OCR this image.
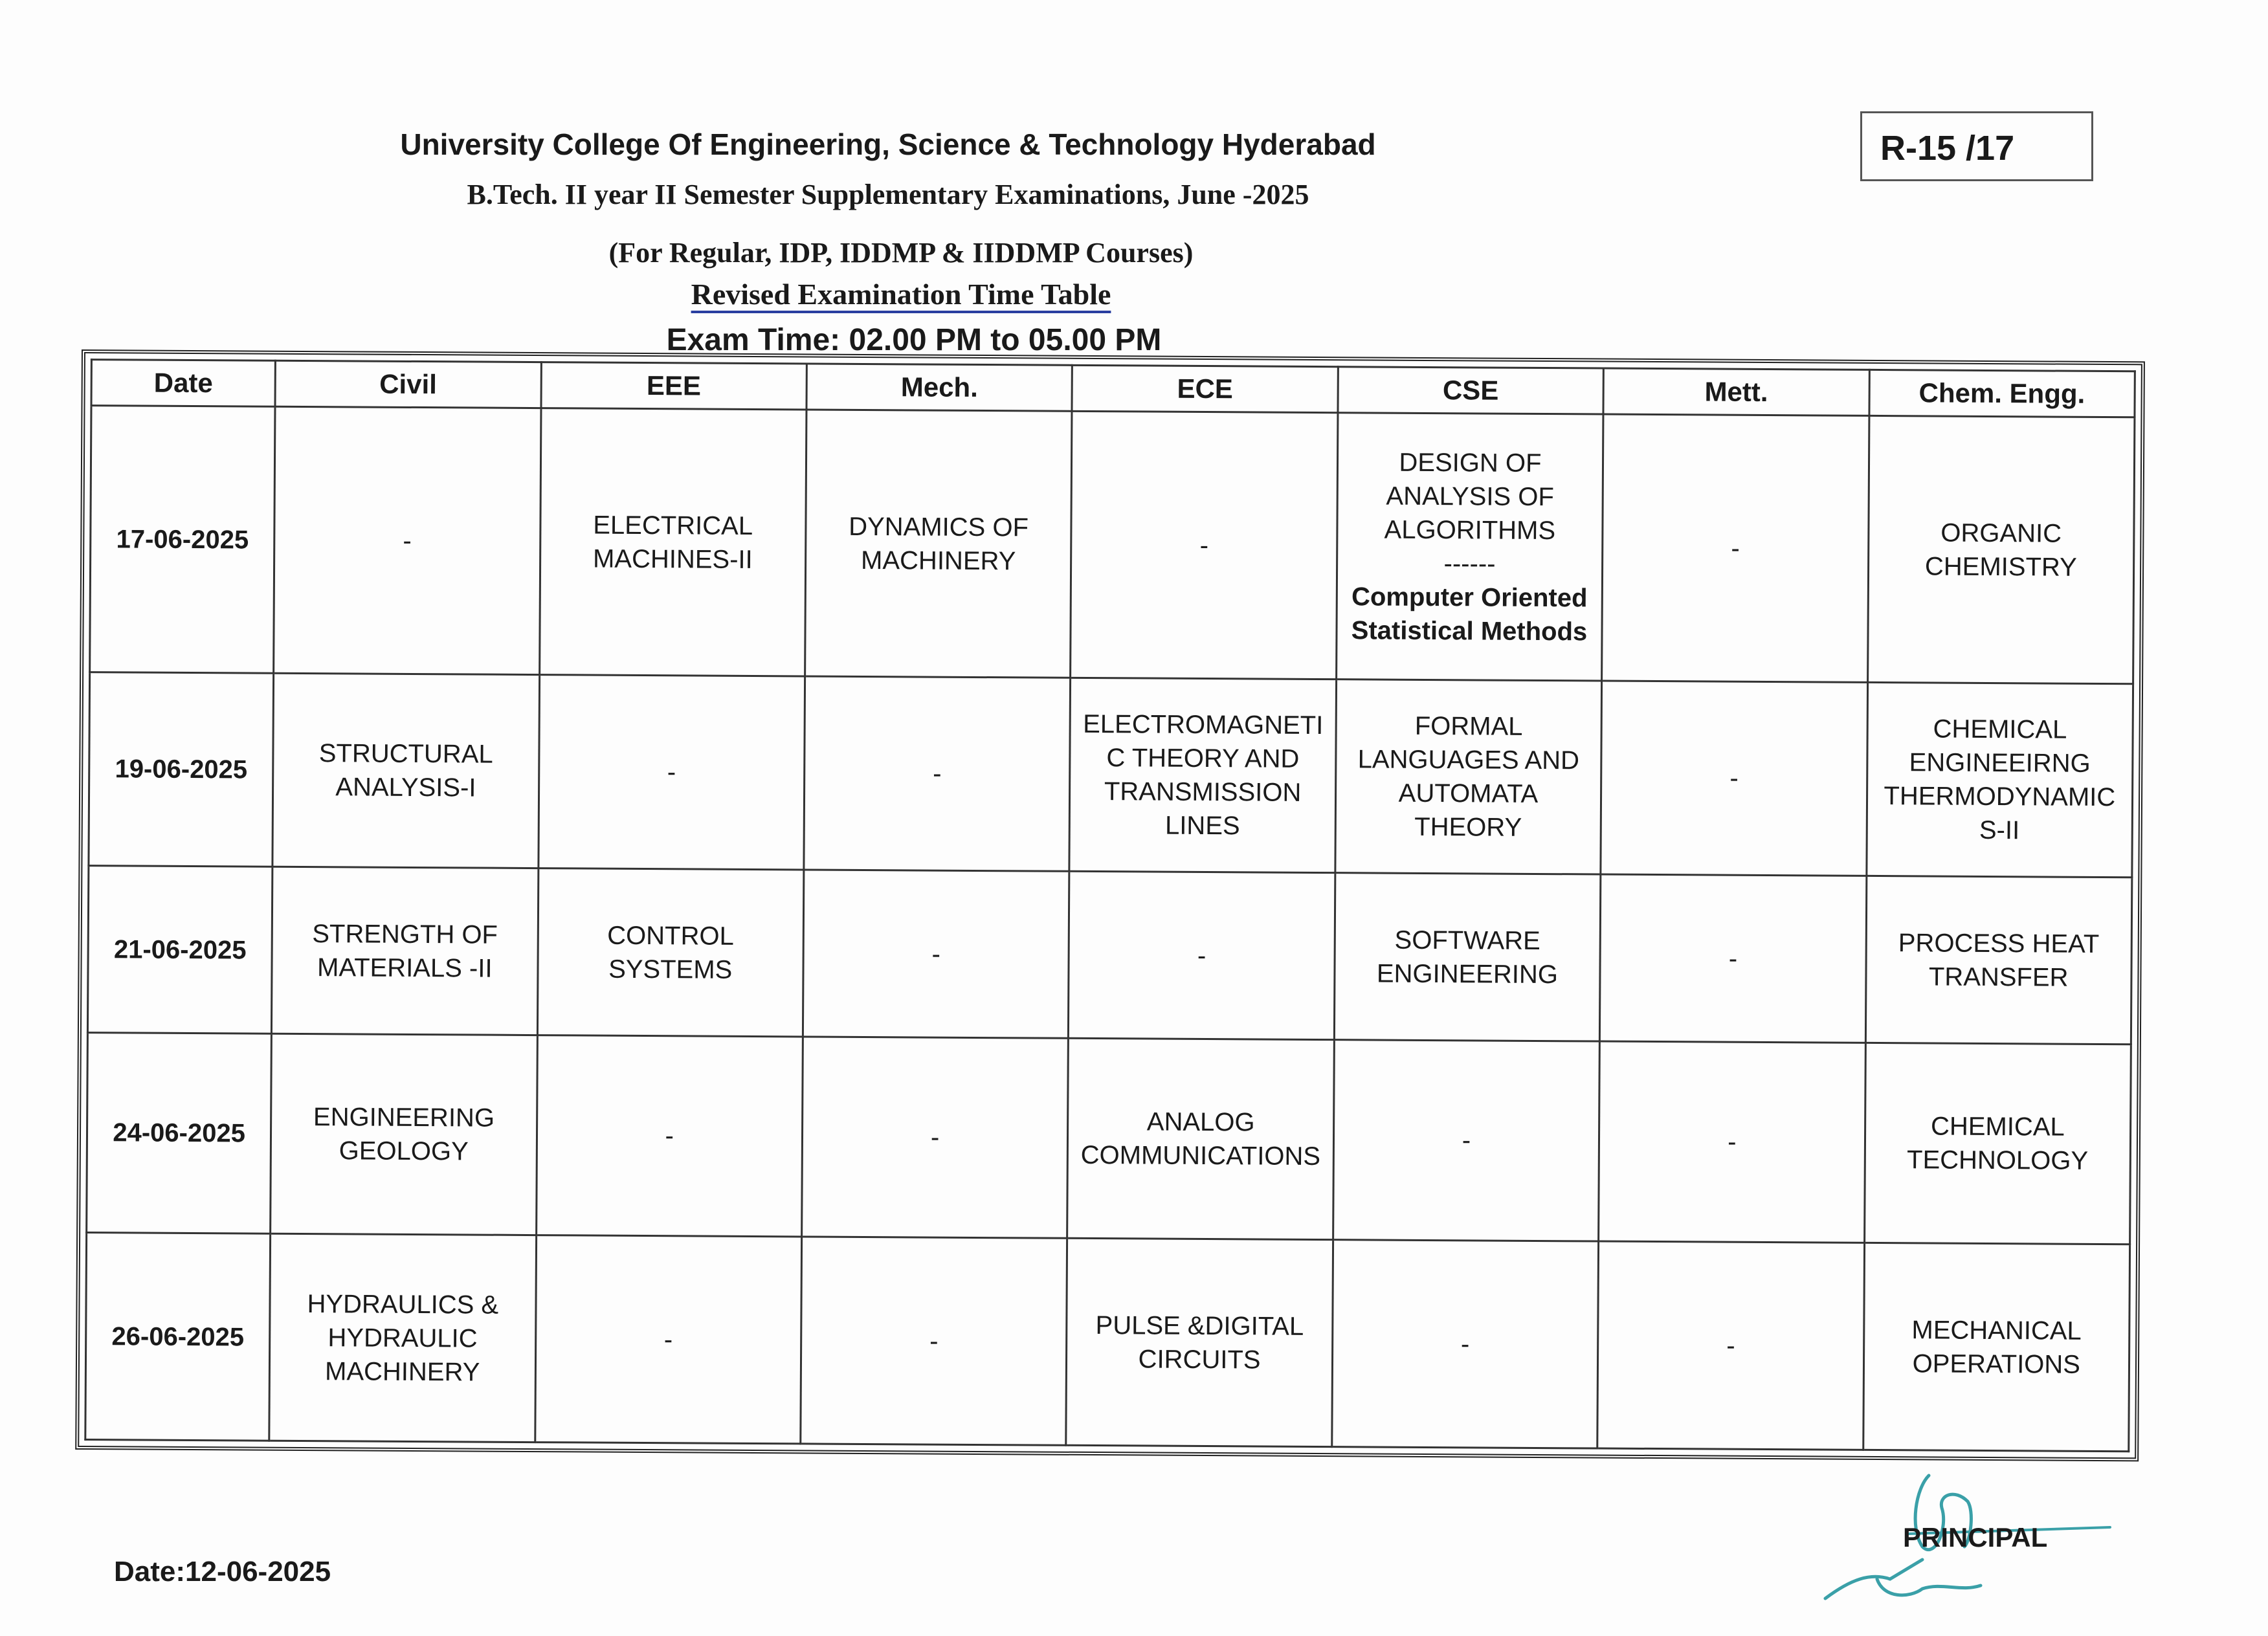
University College Of Engineering, Science & Technology Hyderabad
B.Tech. II year II Semester Supplementary Examinations, June -2025
(For Regular, IDP, IDDMP & IIDDMP Courses)
Revised Examination Time Table
Exam Time: 02.00 PM to 05.00 PM
R-15 /17
Date	Civil	EEE	Mech.	ECE	CSE	Mett.	Chem. Engg.
17-06-2025	-	ELECTRICAL MACHINES-II	DYNAMICS OF MACHINERY	-	DESIGN OF ANALYSIS OF ALGORITHMS
------
Computer Oriented Statistical Methods	-	ORGANIC CHEMISTRY
19-06-2025	STRUCTURAL ANALYSIS-I	-	-	ELECTROMAGNETI C THEORY AND TRANSMISSION LINES	FORMAL LANGUAGES AND AUTOMATA THEORY	-	CHEMICAL ENGINEEIRNG THERMODYNAMIC S-II
21-06-2025	STRENGTH OF MATERIALS -II	CONTROL SYSTEMS	-	-	SOFTWARE ENGINEERING	-	PROCESS HEAT TRANSFER
24-06-2025	ENGINEERING GEOLOGY	-	-	ANALOG COMMUNICATIONS	-	-	CHEMICAL TECHNOLOGY
26-06-2025	HYDRAULICS & HYDRAULIC MACHINERY	-	-	PULSE &DIGITAL CIRCUITS	-	-	MECHANICAL OPERATIONS
Date:12-06-2025
PRINCIPAL
